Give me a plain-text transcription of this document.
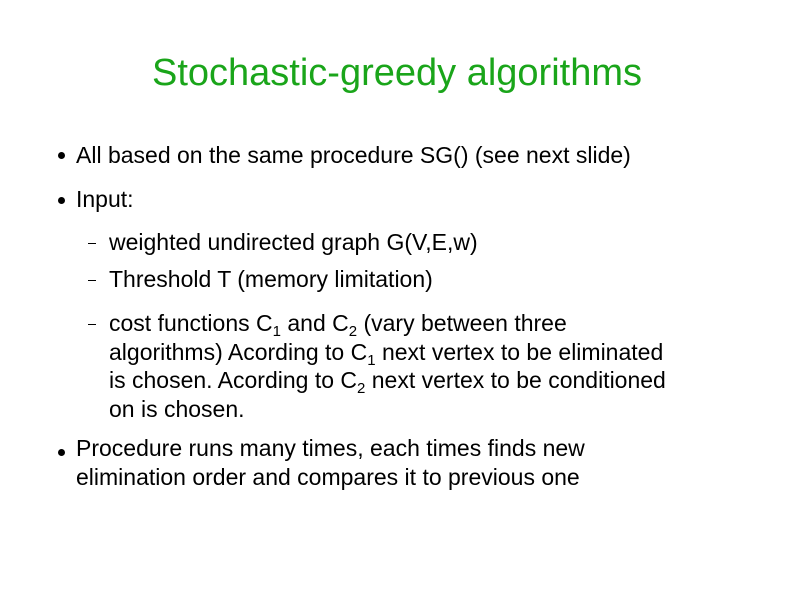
Stochastic-greedy algorithms
All based on the same procedure SG() (see next slide)
Input:
weighted undirected graph G(V,E,w)
Threshold T (memory limitation)
cost functions $C_1$ and $C_2$ (vary between three
algorithms) Acording to $C_1$ next vertex to be eliminated
is chosen. Acording to $C_2$ next vertex to be conditioned
on is chosen.
Procedure runs many times, each times finds new
elimination order and compares it to previous one
